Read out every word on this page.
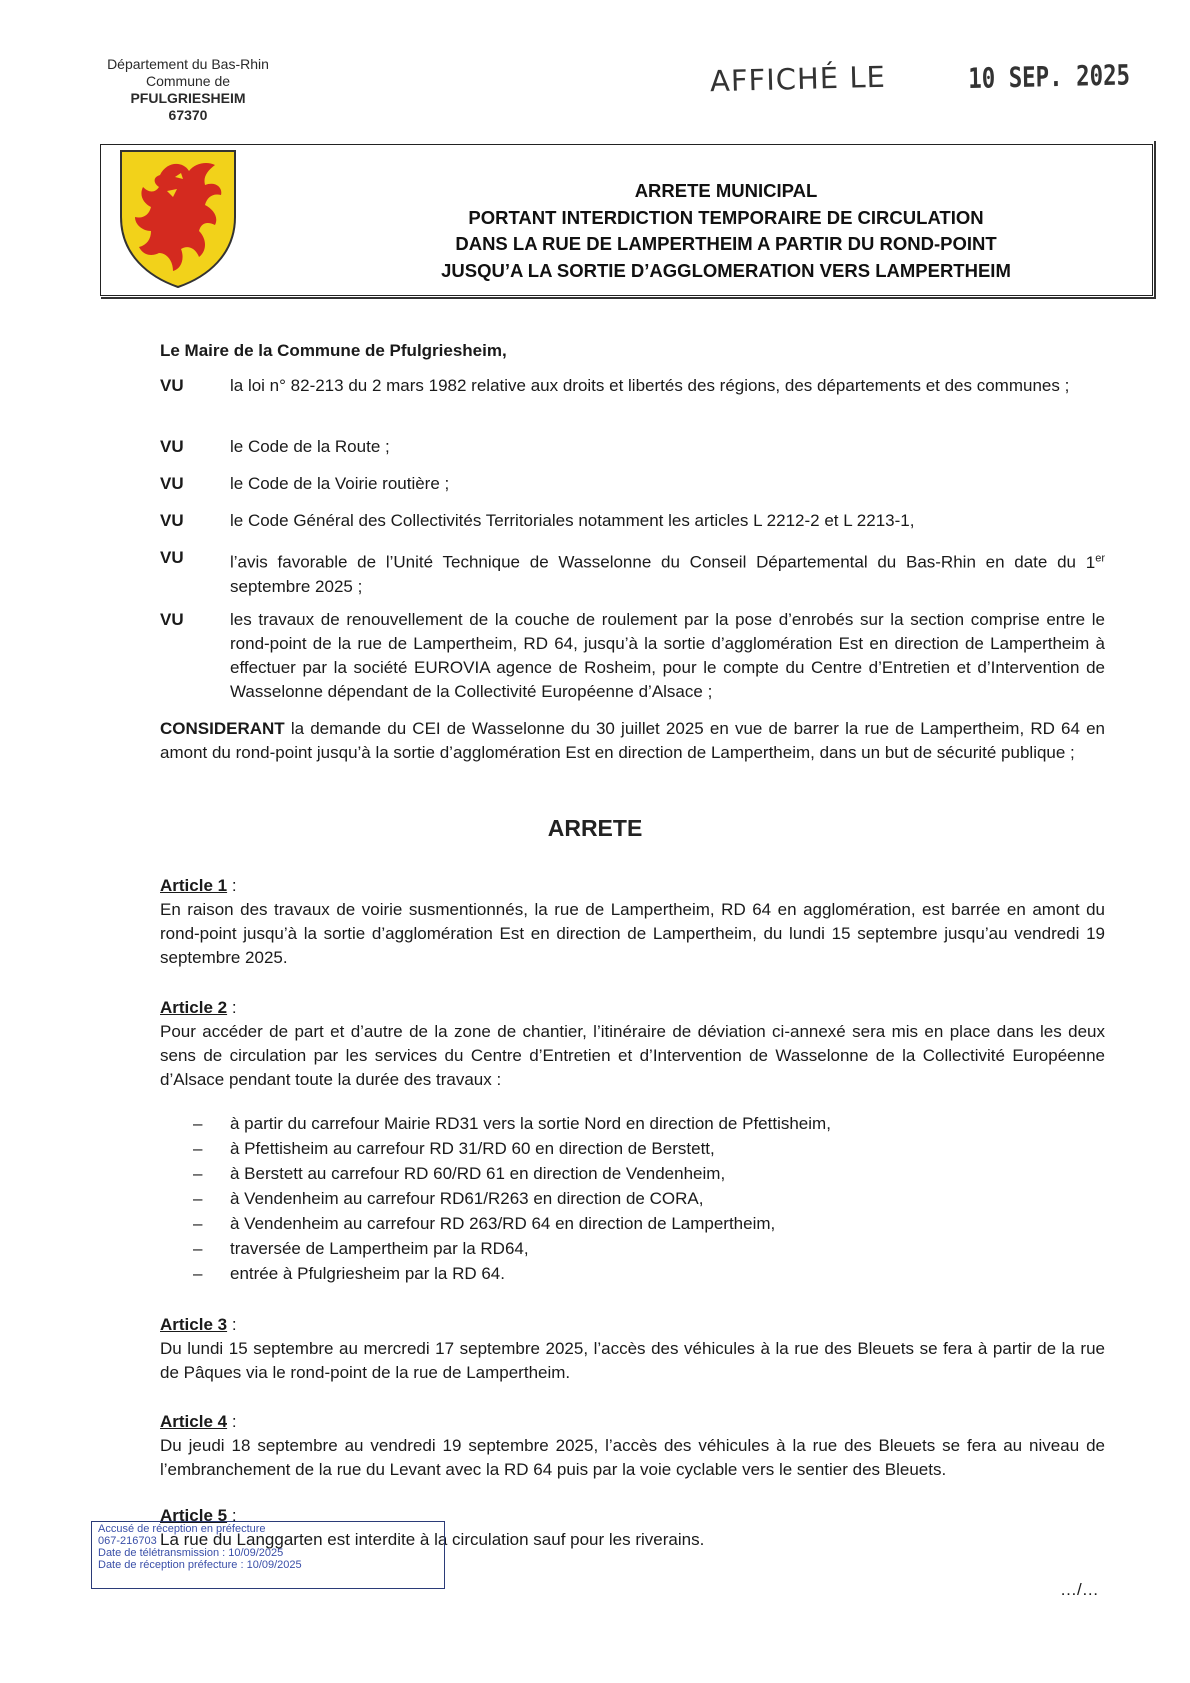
Département du Bas-Rhin
Commune de
PFULGRIESHEIM
67370
AFFICHÉ LE	10 SEP. 2025
ARRETE MUNICIPAL
PORTANT INTERDICTION TEMPORAIRE DE CIRCULATION
DANS LA RUE DE LAMPERTHEIM A PARTIR DU ROND-POINT
JUSQU’A LA SORTIE D’AGGLOMERATION VERS LAMPERTHEIM
Le Maire de la Commune de Pfulgriesheim,
VU	la loi n° 82-213 du 2 mars 1982 relative aux droits et libertés des régions, des départements et des communes ;
VU	le Code de la Route ;
VU	le Code de la Voirie routière ;
VU	le Code Général des Collectivités Territoriales notamment les articles L 2212-2 et L 2213-1,
VU	l’avis favorable de l’Unité Technique de Wasselonne du Conseil Départemental du Bas-Rhin en date du 1er septembre 2025 ;
VU	les travaux de renouvellement de la couche de roulement par la pose d’enrobés sur la section comprise entre le rond-point de la rue de Lampertheim, RD 64, jusqu’à la sortie d’agglomération Est en direction de Lampertheim à effectuer par la société EUROVIA agence de Rosheim, pour le compte du Centre d’Entretien et d’Intervention de Wasselonne dépendant de la Collectivité Européenne d’Alsace ;
CONSIDERANT la demande du CEI de Wasselonne du 30 juillet 2025 en vue de barrer la rue de Lampertheim, RD 64 en amont du rond-point jusqu’à la sortie d’agglomération Est en direction de Lampertheim, dans un but de sécurité publique ;
ARRETE
Article 1 :
En raison des travaux de voirie susmentionnés, la rue de Lampertheim, RD 64 en agglomération, est barrée en amont du rond-point jusqu’à la sortie d’agglomération Est en direction de Lampertheim, du lundi 15 septembre jusqu’au vendredi 19 septembre 2025.
Article 2 :
Pour accéder de part et d’autre de la zone de chantier, l’itinéraire de déviation ci-annexé sera mis en place dans les deux sens de circulation par les services du Centre d’Entretien et d’Intervention de Wasselonne de la Collectivité Européenne d’Alsace pendant toute la durée des travaux :
– à partir du carrefour Mairie RD31 vers la sortie Nord en direction de Pfettisheim,
– à Pfettisheim au carrefour RD 31/RD 60 en direction de Berstett,
– à Berstett au carrefour RD 60/RD 61 en direction de Vendenheim,
– à Vendenheim au carrefour RD61/R263 en direction de CORA,
– à Vendenheim au carrefour RD 263/RD 64 en direction de Lampertheim,
– traversée de Lampertheim par la RD64,
– entrée à Pfulgriesheim par la RD 64.
Article 3 :
Du lundi 15 septembre au mercredi 17 septembre 2025, l’accès des véhicules à la rue des Bleuets se fera à partir de la rue de Pâques via le rond-point de la rue de Lampertheim.
Article 4 :
Du jeudi 18 septembre au vendredi 19 septembre 2025, l’accès des véhicules à la rue des Bleuets se fera au niveau de l’embranchement de la rue du Levant avec la RD 64 puis par la voie cyclable vers le sentier des Bleuets.
Article 5 :
La rue du Langgarten est interdite à la circulation sauf pour les riverains.
Accusé de réception en préfecture
067-216703
Date de télétransmission : 10/09/2025
Date de réception préfecture : 10/09/2025
…/…
